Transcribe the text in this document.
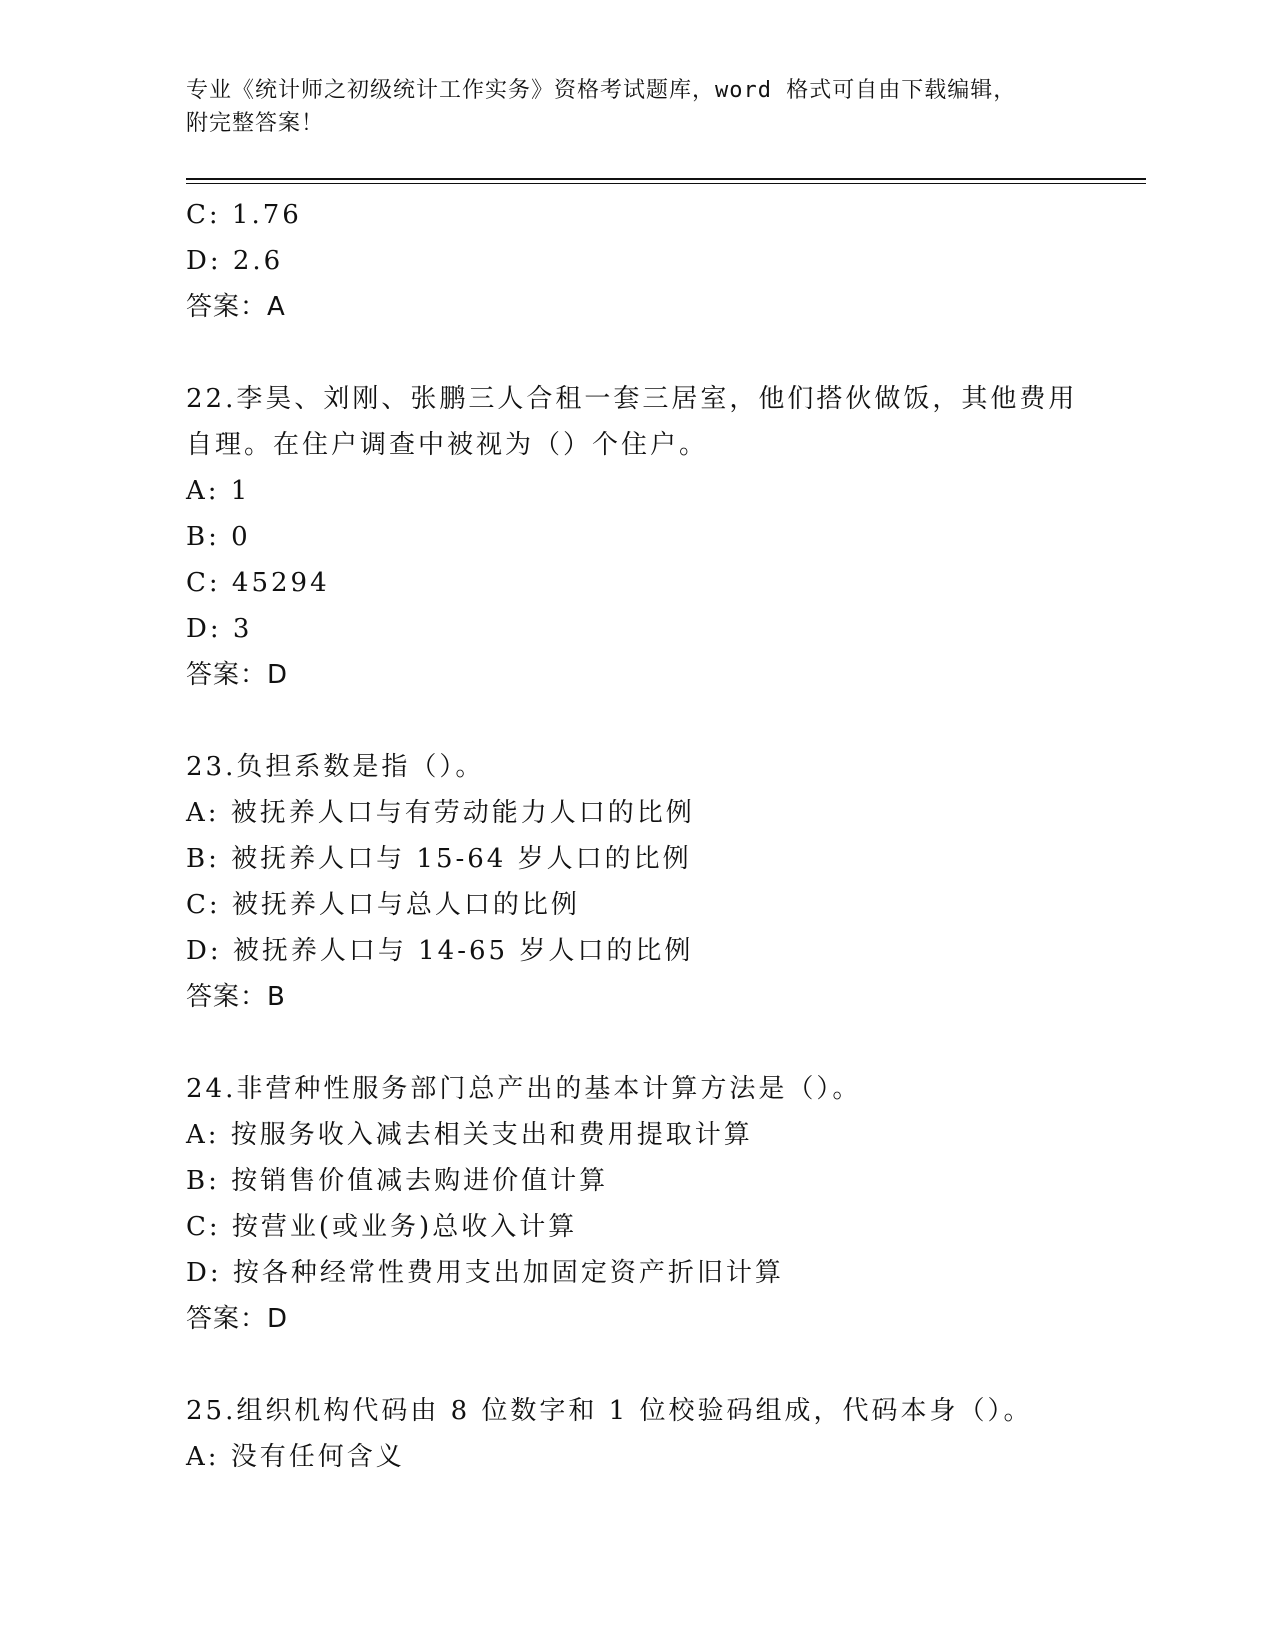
专业《统计师之初级统计工作实务》资格考试题库，word 格式可自由下载编辑，
附完整答案！
C: 1.76
D: 2.6
答案：A
22.李昊、刘刚、张鹏三人合租一套三居室，他们搭伙做饭，其他费用
自理。在住户调查中被视为（）个住户。
A: 1
B: 0
C: 45294
D: 3
答案：D
23.负担系数是指（）。
A: 被抚养人口与有劳动能力人口的比例
B: 被抚养人口与 15-64 岁人口的比例
C: 被抚养人口与总人口的比例
D: 被抚养人口与 14-65 岁人口的比例
答案：B
24.非营种性服务部门总产出的基本计算方法是（）。
A: 按服务收入减去相关支出和费用提取计算
B: 按销售价值减去购进价值计算
C: 按营业(或业务)总收入计算
D: 按各种经常性费用支出加固定资产折旧计算
答案：D
25.组织机构代码由 8 位数字和 1 位校验码组成，代码本身（）。
A: 没有任何含义
